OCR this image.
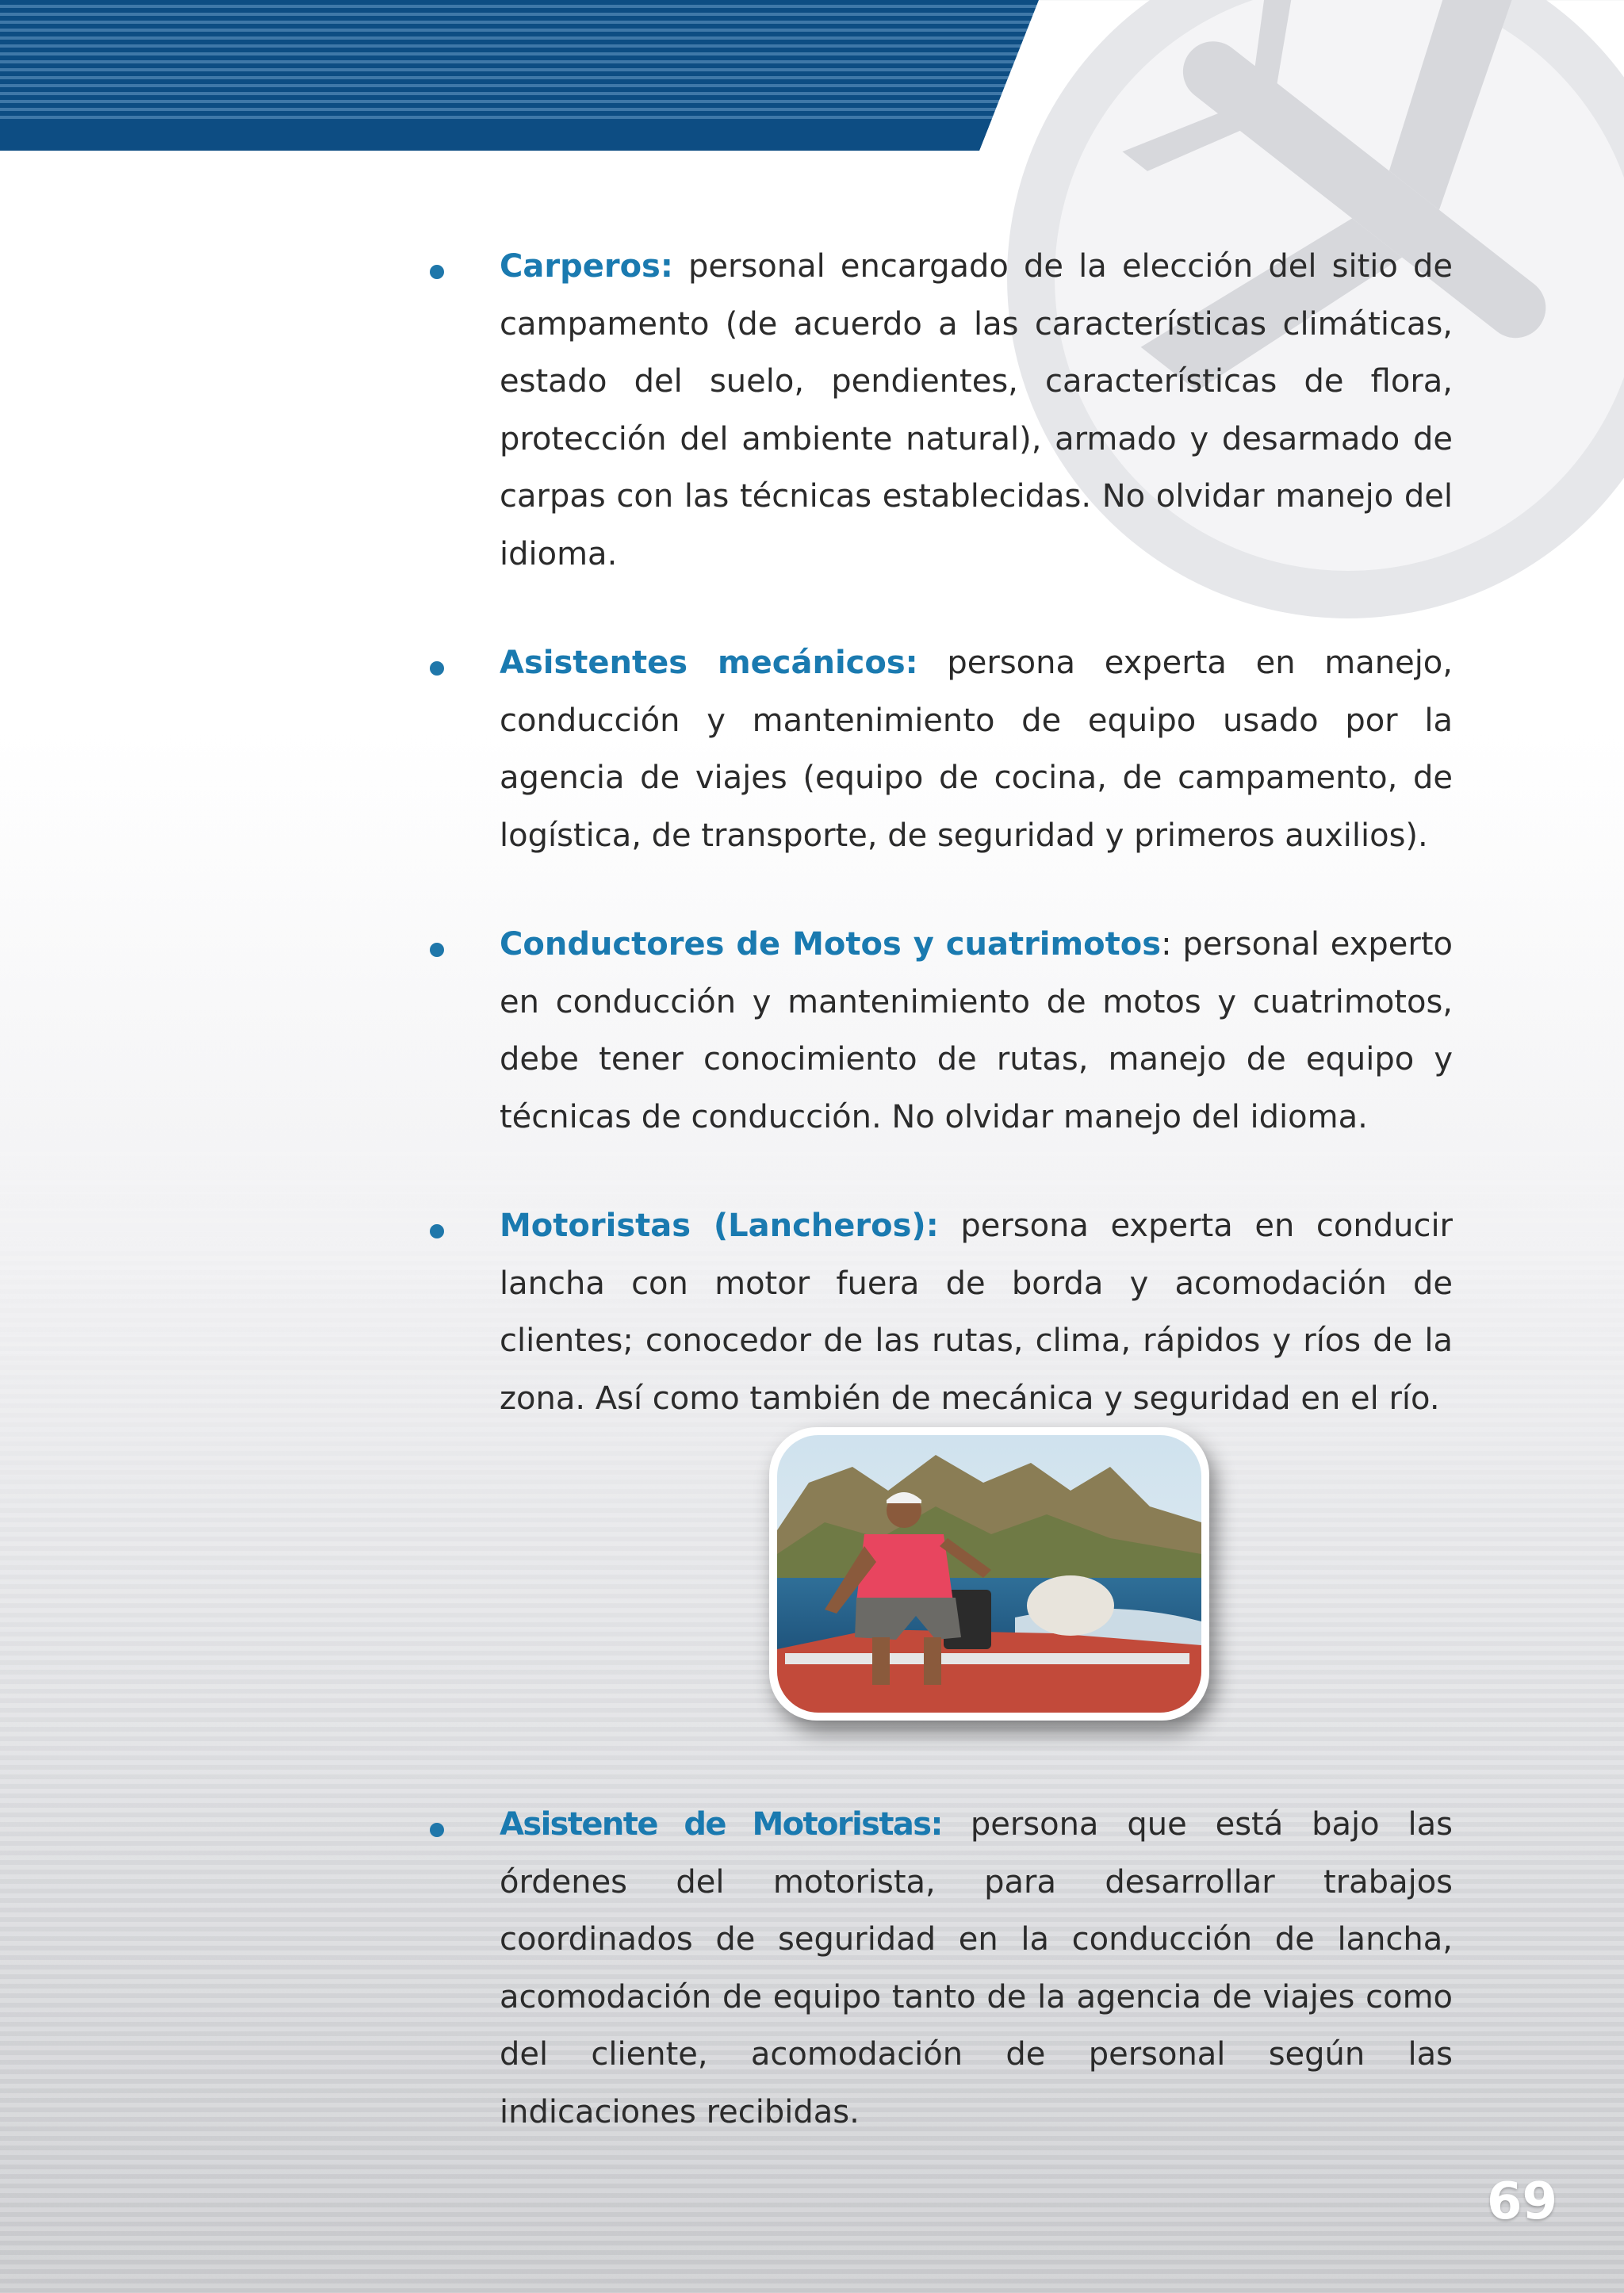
Carperos: personal encargado de la elección del sitio de campamento (de acuerdo a las características climáticas, estado del suelo, pendientes, características de flora, protección del ambiente natural), armado y desarmado de carpas con las técnicas establecidas. No olvidar manejo del idioma.
Asistentes mecánicos: persona experta en manejo, conducción y mantenimiento de equipo usado por la agencia de viajes (equipo de cocina, de campamento, de logística, de transporte, de seguridad y primeros auxilios).
Conductores de Motos y cuatrimotos: personal experto en conducción y mantenimiento de motos y cuatrimotos, debe tener conocimiento de rutas, manejo de equipo y técnicas de conducción. No olvidar manejo del idioma.
Motoristas (Lancheros): persona experta en conducir lancha con motor fuera de borda y acomodación de clientes; conocedor de las rutas, clima, rápidos y ríos de la zona. Así como también de mecánica y seguridad en el río.
Asistente de Motoristas: persona que está bajo las órdenes del motorista, para desarrollar trabajos coordinados de seguridad en la conducción de lancha, acomodación de equipo tanto de la agencia de viajes como del cliente, acomodación de personal según las indicaciones recibidas.
69
